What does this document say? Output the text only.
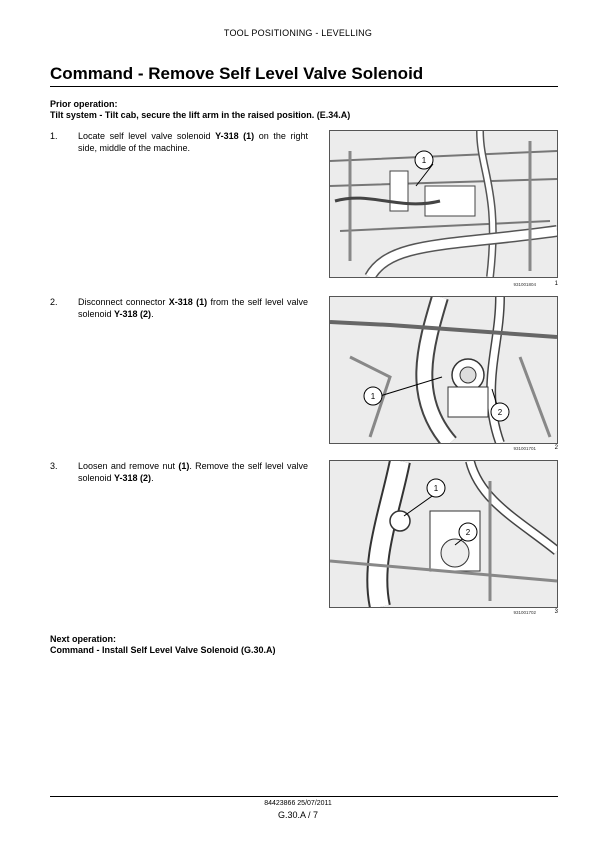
TOOL POSITIONING - LEVELLING
Command - Remove Self Level Valve Solenoid
Prior operation:
Tilt system - Tilt cab, secure the lift arm in the raised position. (E.34.A)
1. Locate self level valve solenoid Y-318 (1) on the right side, middle of the machine.
1
931001804	1
2. Disconnect connector X-318 (1) from the self level valve solenoid Y-318 (2).
1
2
931001701	2
3. Loosen and remove nut (1). Remove the self level valve solenoid Y-318 (2).
1
2
931001702	3
Next operation:
Command - Install Self Level Valve Solenoid (G.30.A)
84423866 25/07/2011
G.30.A / 7
